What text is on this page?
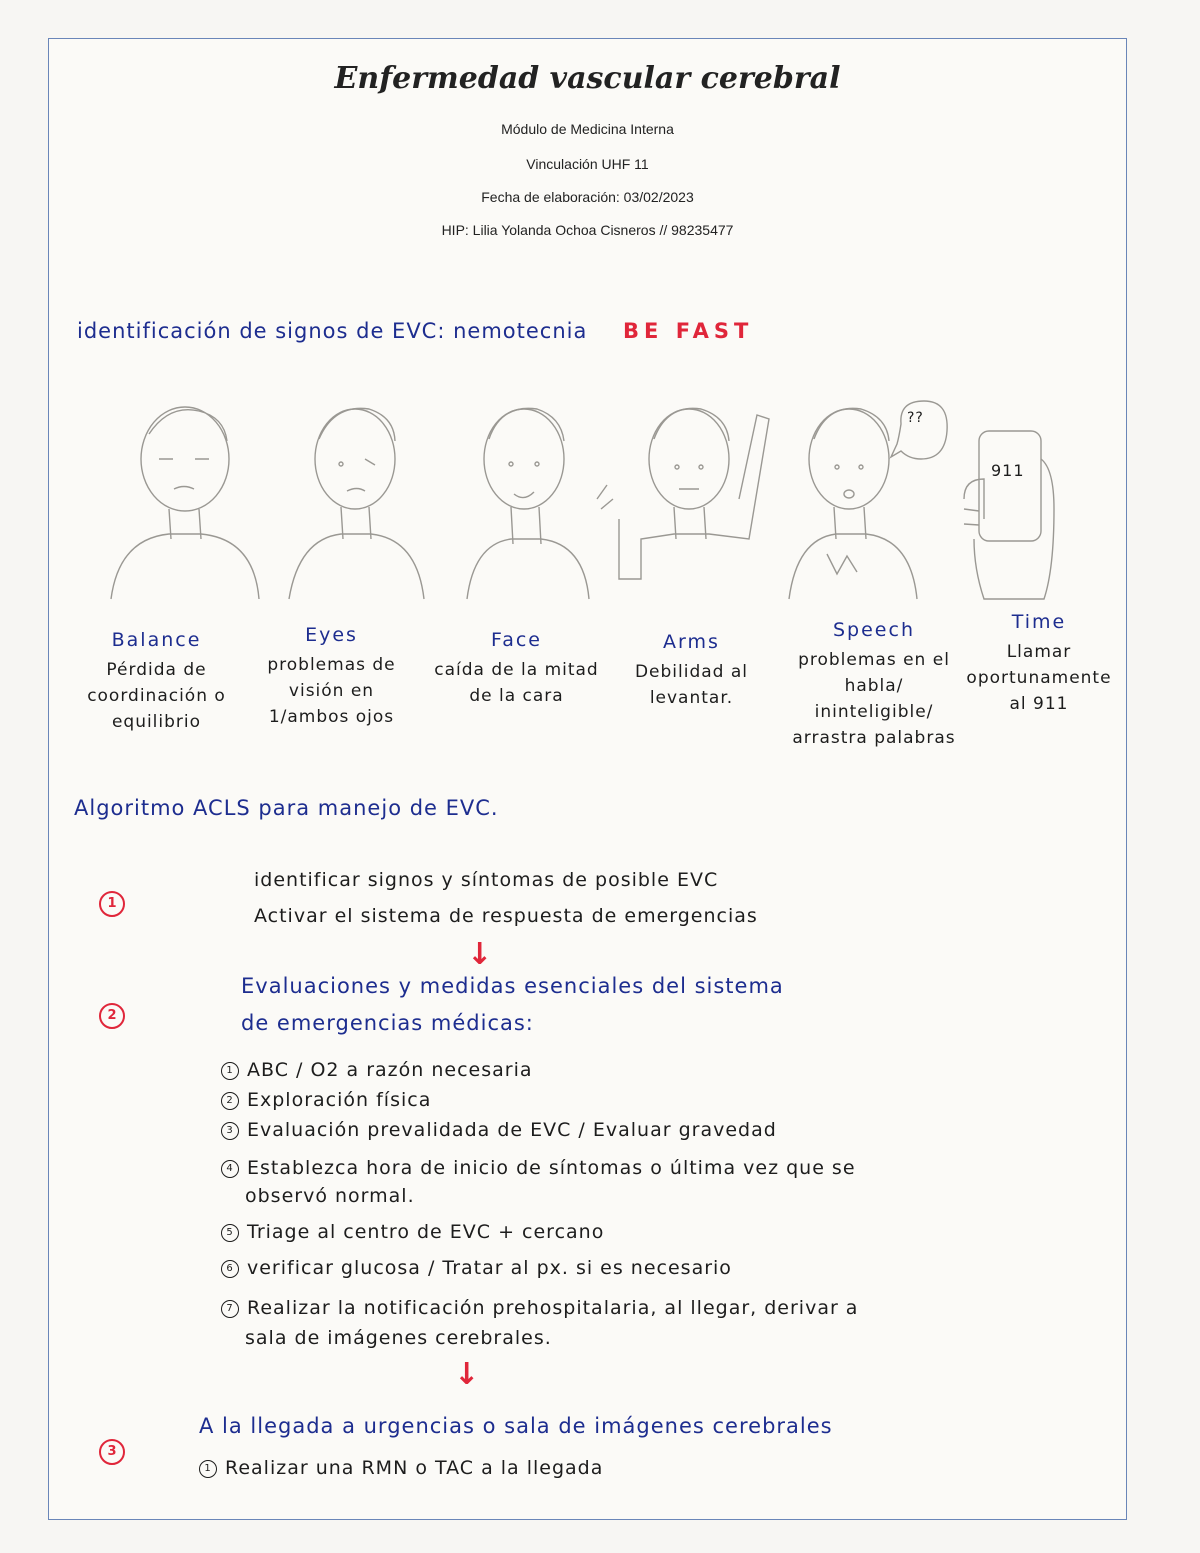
Enfermedad vascular cerebral
Módulo de Medicina Interna
Vinculación UHF 11
Fecha de elaboración: 03/02/2023
HIP: Lilia Yolanda Ochoa Cisneros // 98235477
identificación de signos de EVC: nemotecnia BE FAST
??
911
Balance
Pérdida de coordinación o equilibrio
Eyes
problemas de visión en 1/ambos ojos
Face
caída de la mitad de la cara
Arms
Debilidad al levantar.
Speech
problemas en el habla/ ininteligible/ arrastra palabras
Time
Llamar oportunamente al 911
Algoritmo ACLS para manejo de EVC.
1
identificar signos y síntomas de posible EVC
Activar el sistema de respuesta de emergencias
↓
2
Evaluaciones y medidas esenciales del sistema
de emergencias médicas:
1 ABC / O2 a razón necesaria
2 Exploración física
3 Evaluación prevalidada de EVC / Evaluar gravedad
4 Establezca hora de inicio de síntomas o última vez que se
observó normal.
5 Triage al centro de EVC + cercano
6 verificar glucosa / Tratar al px. si es necesario
7 Realizar la notificación prehospitalaria, al llegar, derivar a
sala de imágenes cerebrales.
↓
3
A la llegada a urgencias o sala de imágenes cerebrales
1 Realizar una RMN o TAC a la llegada
